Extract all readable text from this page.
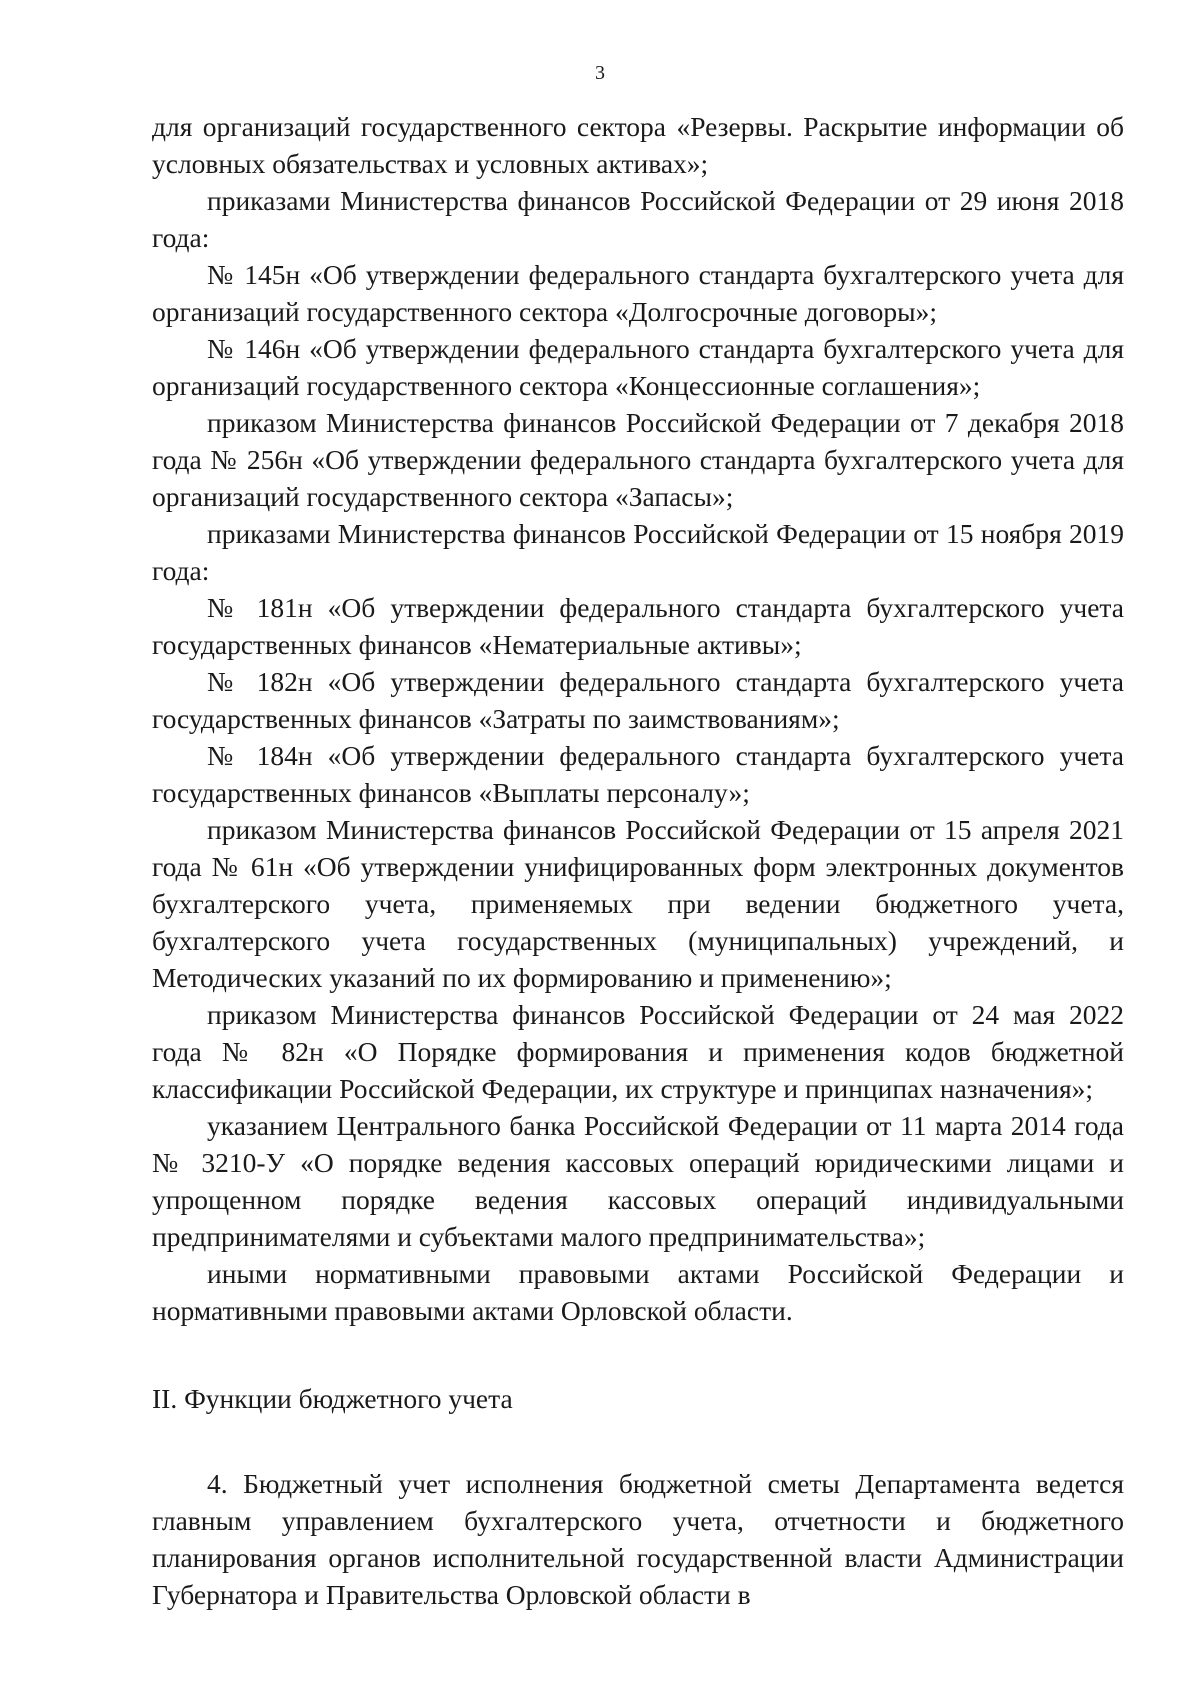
3

для организаций государственного сектора «Резервы. Раскрытие информации об условных обязательствах и условных активах»;

приказами Министерства финансов Российской Федерации от 29 июня 2018 года:

№ 145н «Об утверждении федерального стандарта бухгалтерского учета для организаций государственного сектора «Долгосрочные договоры»;

№ 146н «Об утверждении федерального стандарта бухгалтерского учета для организаций государственного сектора «Концессионные соглашения»;

приказом Министерства финансов Российской Федерации от 7 декабря 2018 года № 256н «Об утверждении федерального стандарта бухгалтерского учета для организаций государственного сектора «Запасы»;

приказами Министерства финансов Российской Федерации от 15 ноября 2019 года:

№ 181н «Об утверждении федерального стандарта бухгалтерского учета государственных финансов «Нематериальные активы»;

№ 182н «Об утверждении федерального стандарта бухгалтерского учета государственных финансов «Затраты по заимствованиям»;

№ 184н «Об утверждении федерального стандарта бухгалтерского учета государственных финансов «Выплаты персоналу»;

приказом Министерства финансов Российской Федерации от 15 апреля 2021 года № 61н «Об утверждении унифицированных форм электронных документов бухгалтерского учета, применяемых при ведении бюджетного учета, бухгалтерского учета государственных (муниципальных) учреждений, и Методических указаний по их формированию и применению»;

приказом Министерства финансов Российской Федерации от 24 мая 2022 года № 82н «О Порядке формирования и применения кодов бюджетной классификации Российской Федерации, их структуре и принципах назначения»;

указанием Центрального банка Российской Федерации от 11 марта 2014 года № 3210-У «О порядке ведения кассовых операций юридическими лицами и упрощенном порядке ведения кассовых операций индивидуальными предпринимателями и субъектами малого предпринимательства»;

иными нормативными правовыми актами Российской Федерации и нормативными правовыми актами Орловской области.

II. Функции бюджетного учета

4. Бюджетный учет исполнения бюджетной сметы Департамента ведется главным управлением бухгалтерского учета, отчетности и бюджетного планирования органов исполнительной государственной власти Администрации Губернатора и Правительства Орловской области в
